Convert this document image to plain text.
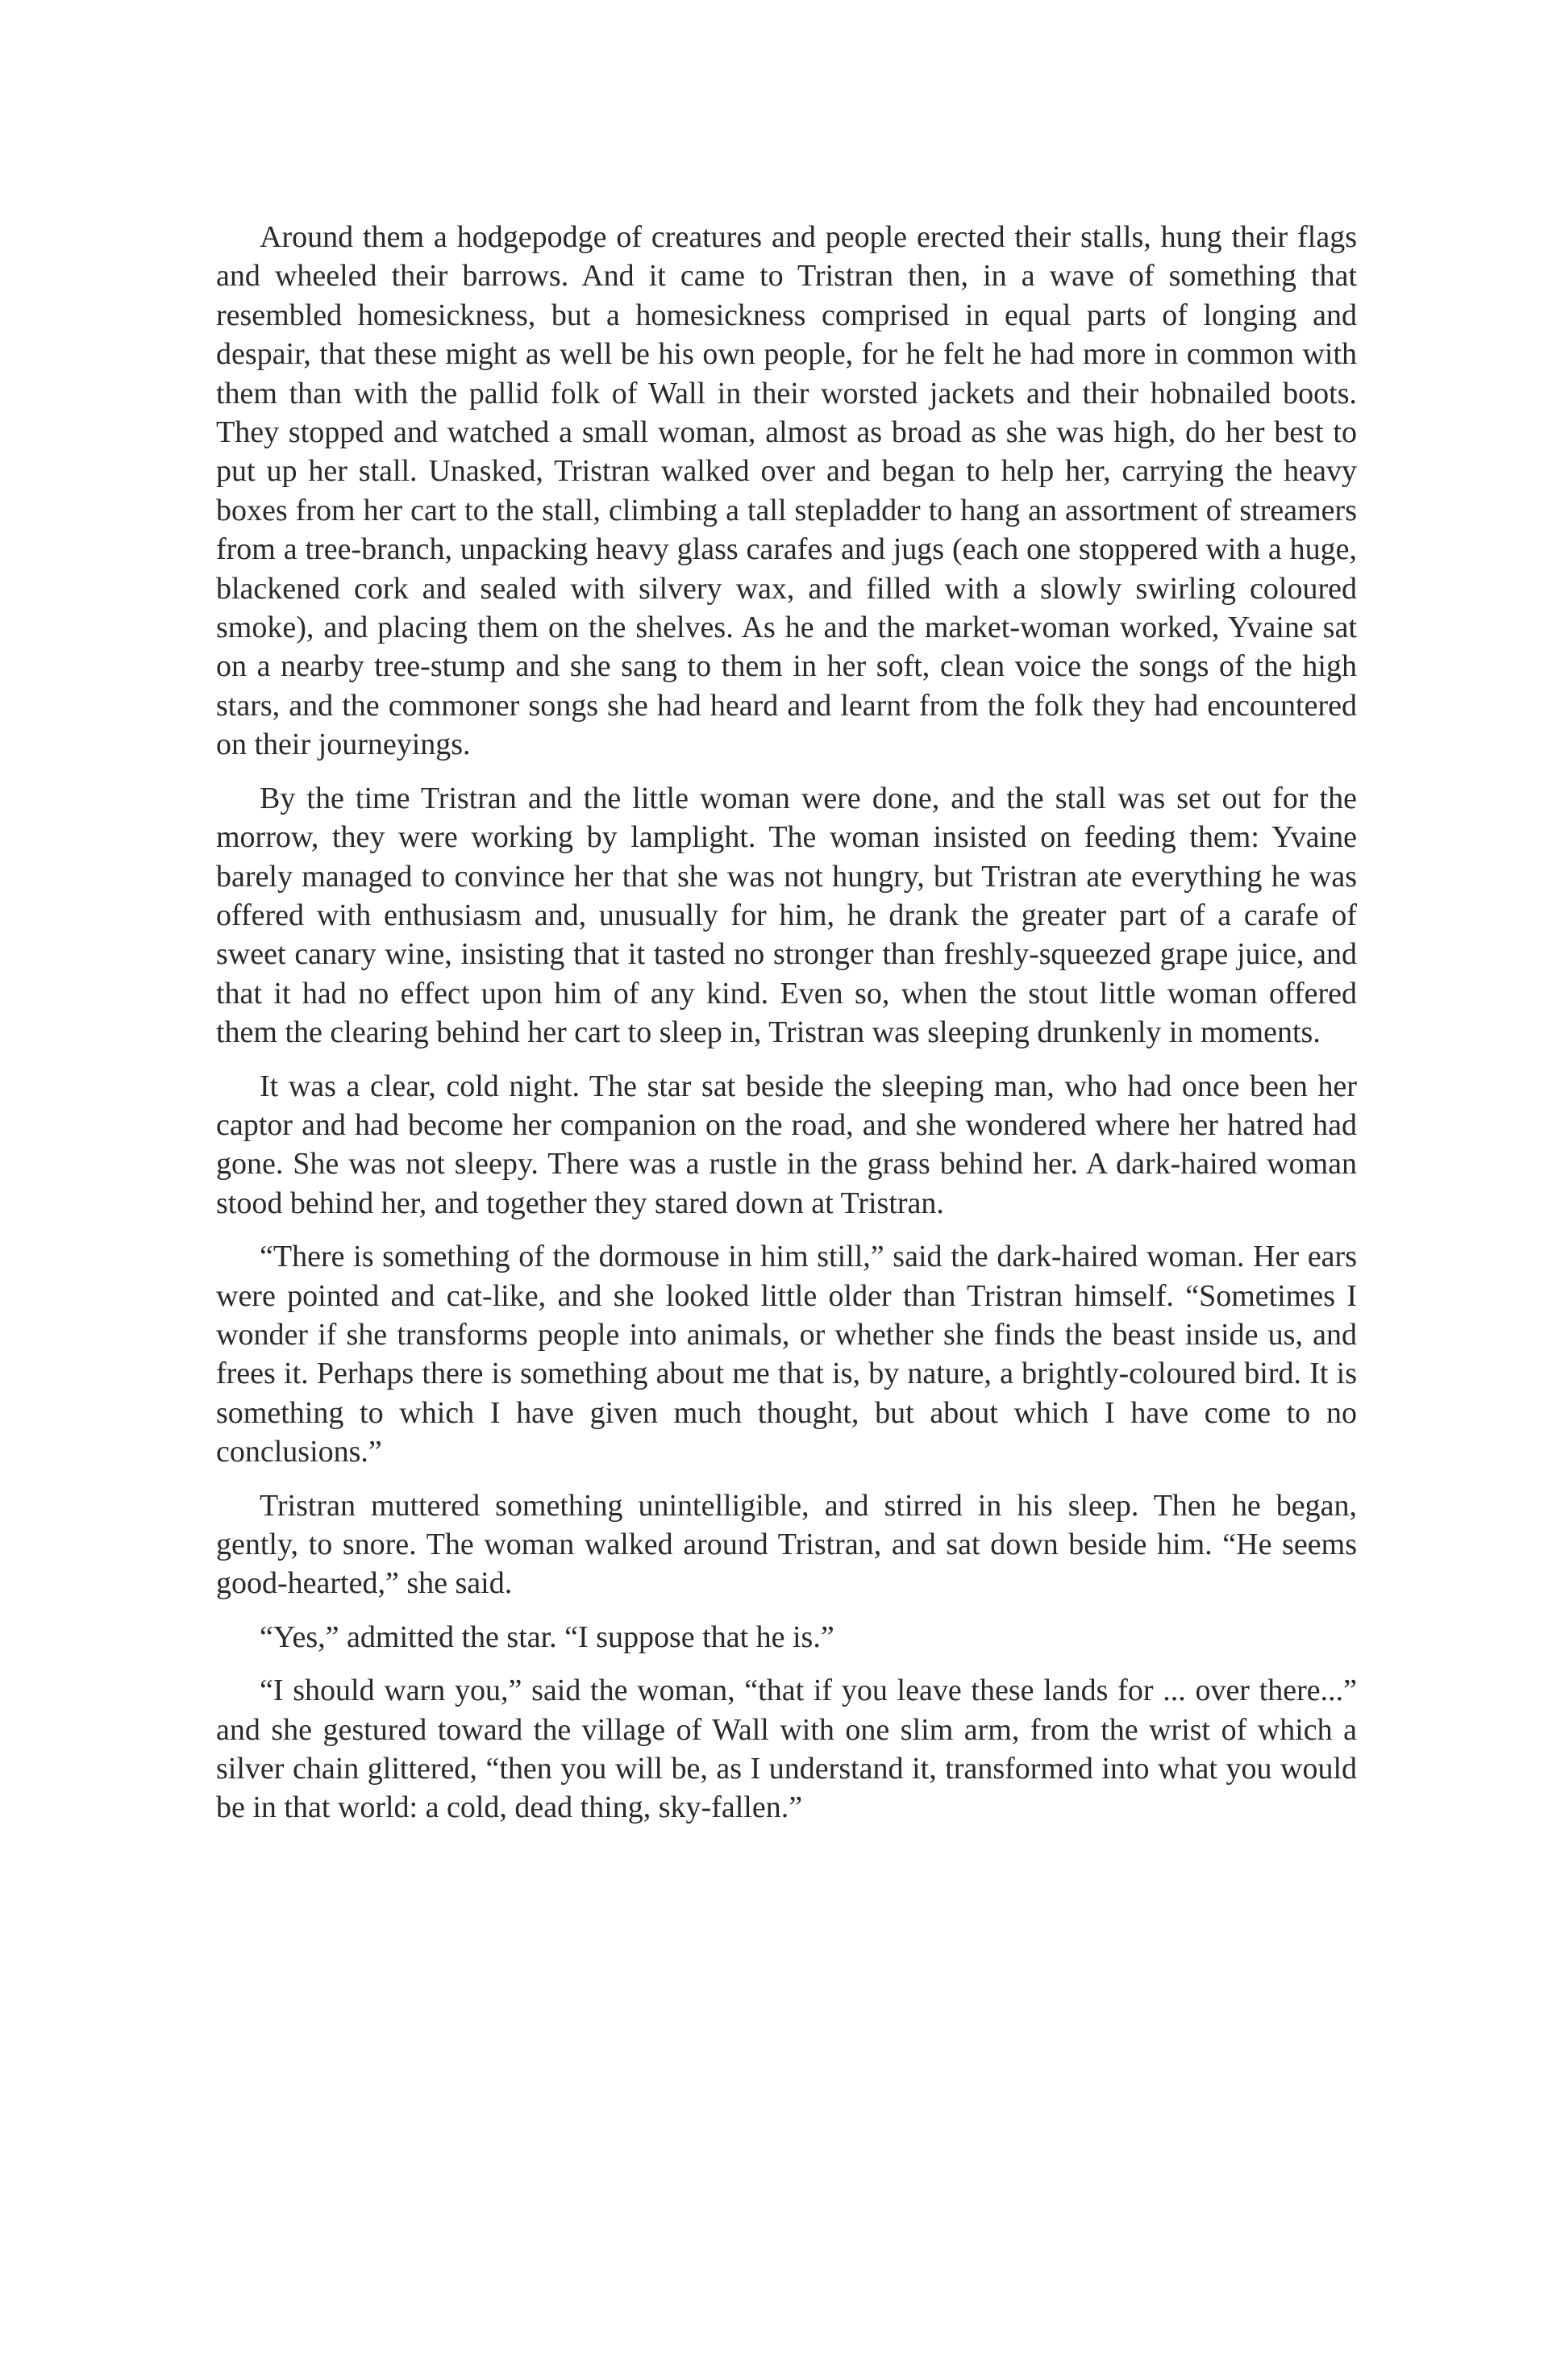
Around them a hodgepodge of creatures and people erected their stalls, hung their flags and wheeled their barrows. And it came to Tristran then, in a wave of something that resembled homesickness, but a homesickness comprised in equal parts of longing and despair, that these might as well be his own people, for he felt he had more in common with them than with the pallid folk of Wall in their worsted jackets and their hobnailed boots. They stopped and watched a small woman, almost as broad as she was high, do her best to put up her stall. Unasked, Tristran walked over and began to help her, carrying the heavy boxes from her cart to the stall, climbing a tall stepladder to hang an assortment of streamers from a tree-branch, unpacking heavy glass carafes and jugs (each one stoppered with a huge, blackened cork and sealed with silvery wax, and filled with a slowly swirling coloured smoke), and placing them on the shelves. As he and the market-woman worked, Yvaine sat on a nearby tree-stump and she sang to them in her soft, clean voice the songs of the high stars, and the commoner songs she had heard and learnt from the folk they had encountered on their journeyings.

By the time Tristran and the little woman were done, and the stall was set out for the morrow, they were working by lamplight. The woman insisted on feeding them: Yvaine barely managed to convince her that she was not hungry, but Tristran ate everything he was offered with enthusiasm and, unusually for him, he drank the greater part of a carafe of sweet canary wine, insisting that it tasted no stronger than freshly-squeezed grape juice, and that it had no effect upon him of any kind. Even so, when the stout little woman offered them the clearing behind her cart to sleep in, Tristran was sleeping drunkenly in moments.

It was a clear, cold night. The star sat beside the sleeping man, who had once been her captor and had become her companion on the road, and she wondered where her hatred had gone. She was not sleepy. There was a rustle in the grass behind her. A dark-haired woman stood behind her, and together they stared down at Tristran.

“There is something of the dormouse in him still,” said the dark-haired woman. Her ears were pointed and cat-like, and she looked little older than Tristran himself. “Sometimes I wonder if she transforms people into animals, or whether she finds the beast inside us, and frees it. Perhaps there is something about me that is, by nature, a brightly-coloured bird. It is something to which I have given much thought, but about which I have come to no conclusions.”

Tristran muttered something unintelligible, and stirred in his sleep. Then he began, gently, to snore. The woman walked around Tristran, and sat down beside him. “He seems good-hearted,” she said.

“Yes,” admitted the star. “I suppose that he is.”

“I should warn you,” said the woman, “that if you leave these lands for ... over there...” and she gestured toward the village of Wall with one slim arm, from the wrist of which a silver chain glittered, “then you will be, as I understand it, transformed into what you would be in that world: a cold, dead thing, sky-fallen.”
